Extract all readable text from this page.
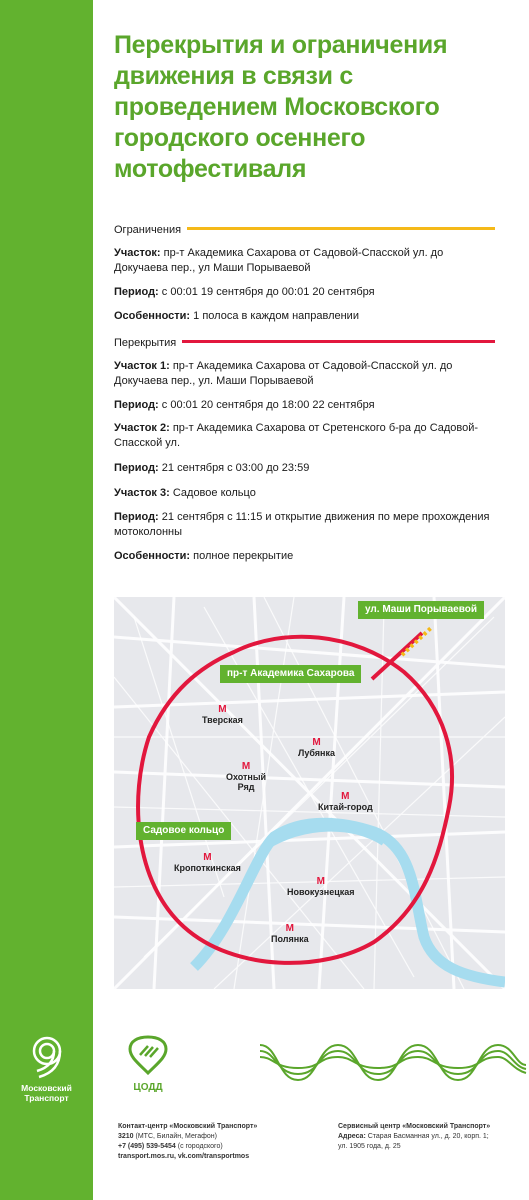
Московский
Транспорт
Перекрытия и ограничения движения в связи с проведением Московского городского осеннего мотофестиваля
Ограничения
Участок: пр-т Академика Сахарова от Садовой-Спасской ул. до Докучаева пер., ул Маши Порываевой
Период: с 00:01 19 сентября до 00:01 20 сентября
Особенности: 1 полоса в каждом направлении
Перекрытия
Участок 1: пр-т Академика Сахарова от Садовой-Спасской ул. до Докучаева пер., ул. Маши Порываевой
Период: с 00:01 20 сентября до 18:00 22 сентября
Участок 2: пр-т Академика Сахарова от Сретенского б-ра до Садовой-Спасской ул.
Период: 21 сентября с 03:00 до 23:59
Участок 3: Садовое кольцо
Период: 21 сентября с 11:15 и открытие движения по мере прохождения мотоколонны
Особенности: полное перекрытие
ул. Маши Порываевой
пр-т Академика Сахарова
Садовое кольцо
М
Тверская
М
Лубянка
М
Охотный Ряд
М
Китай-город
М
Кропоткинская
М
Новокузнецкая
М
Полянка
ЦОДД
Контакт-центр «Московский Транспорт»
3210 (МТС, Билайн, Мегафон)
+7 (495) 539-5454 (с городского)
transport.mos.ru, vk.com/transportmos
Сервисный центр «Московский Транспорт»
Адреса: Старая Басманная ул., д. 20, корп. 1;
ул. 1905 года, д. 25
